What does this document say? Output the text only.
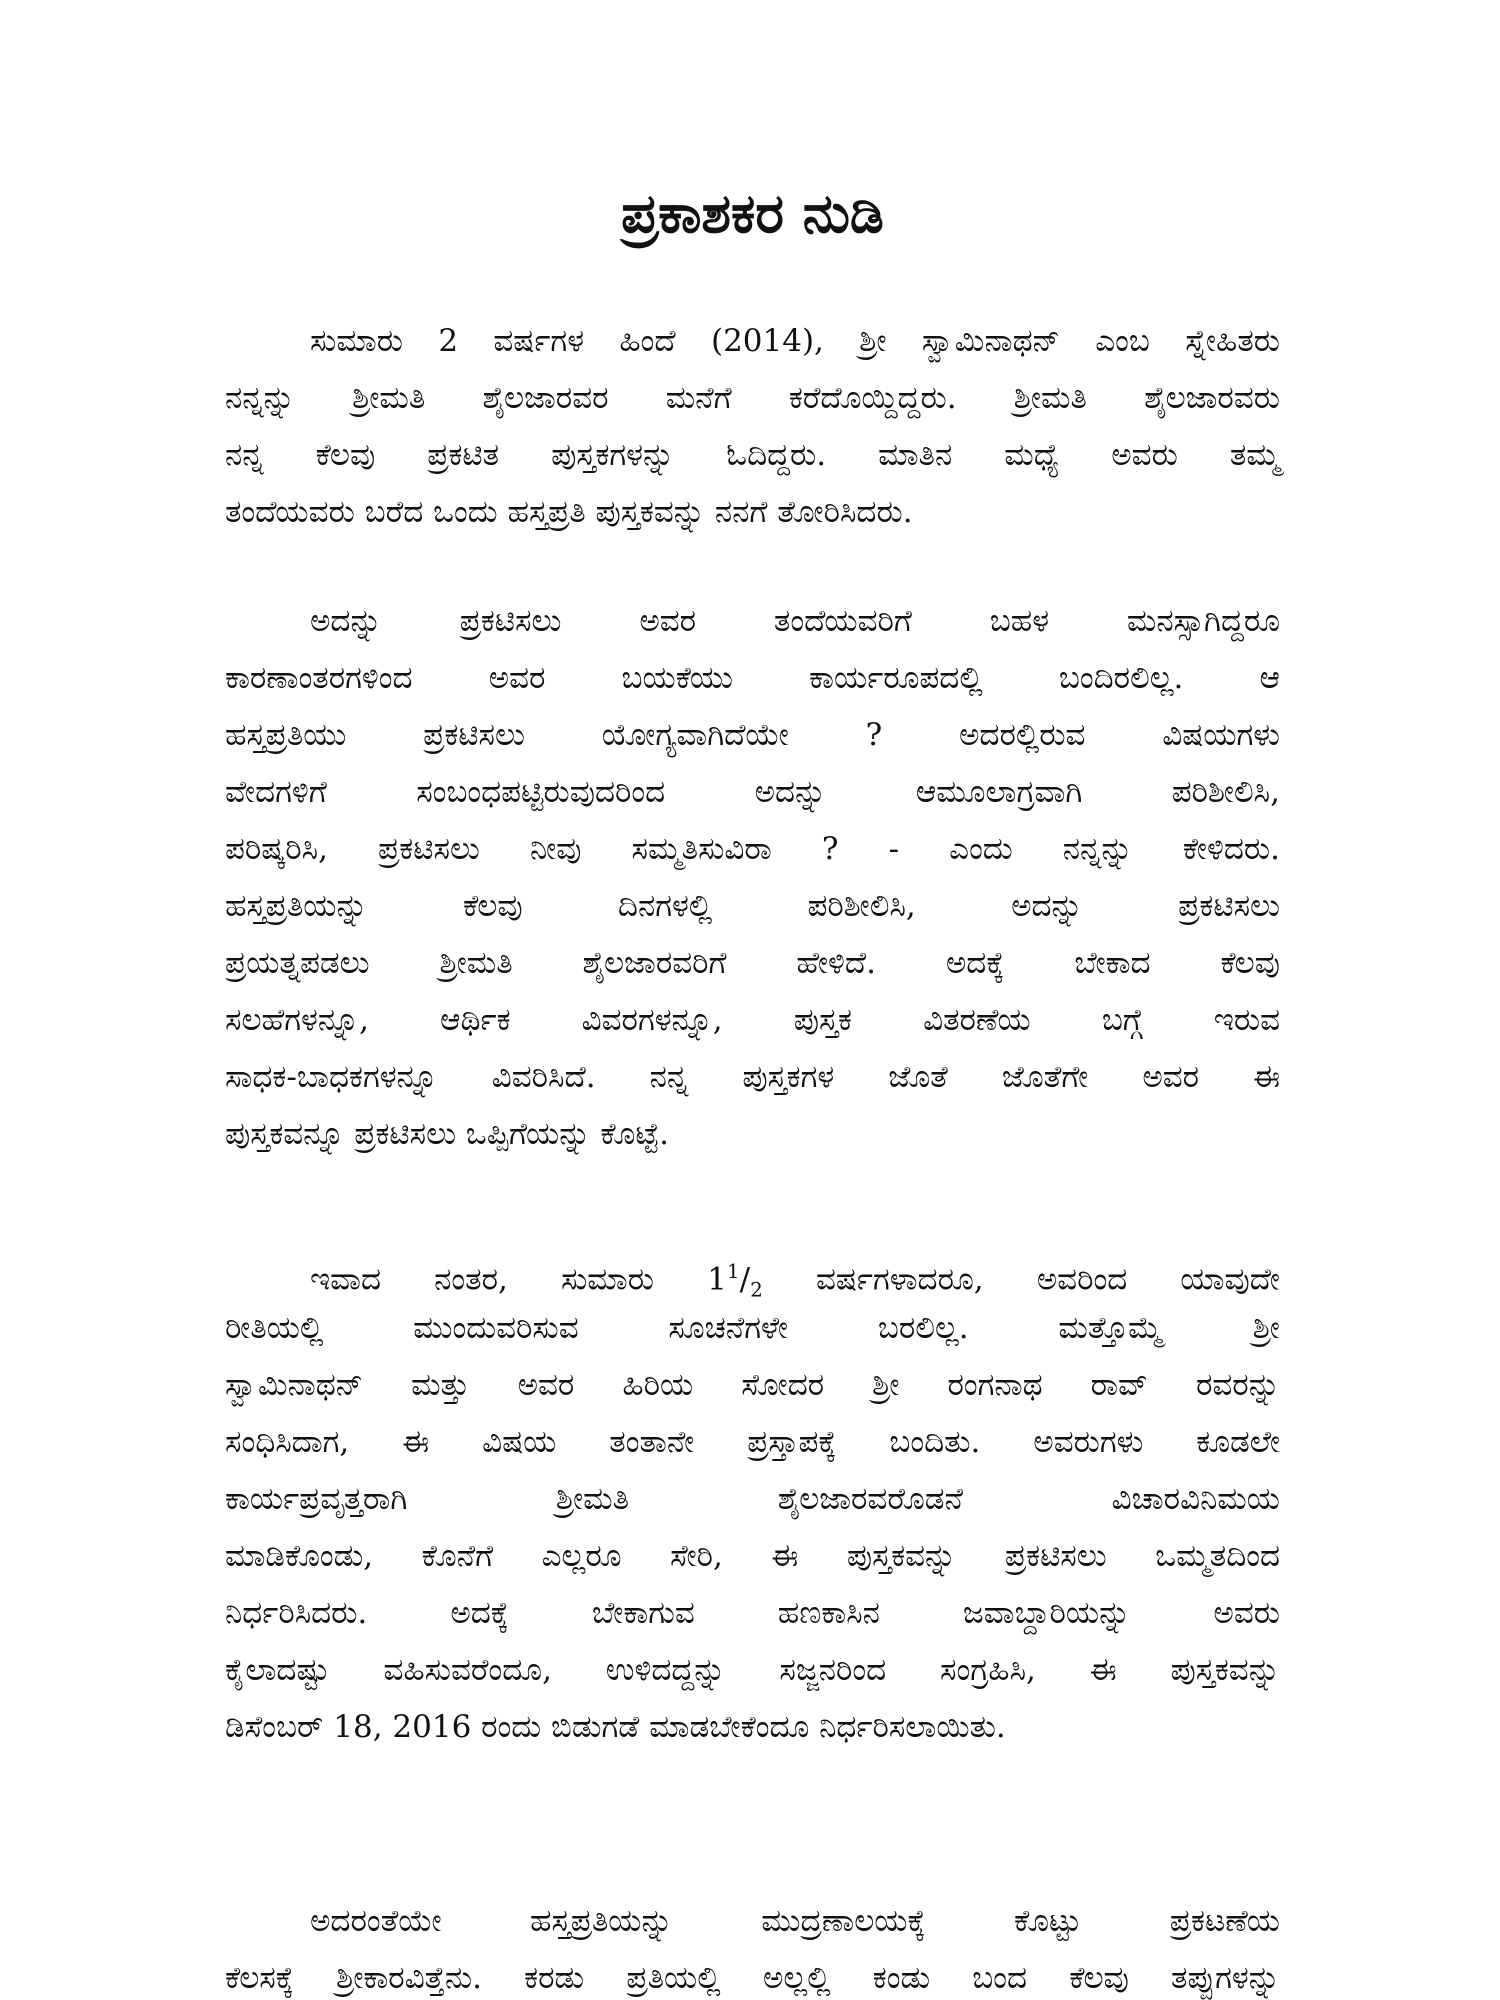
ಪ್ರಕಾಶಕರ ನುಡಿ
ಸುಮಾರು 2 ವರ್ಷಗಳ ಹಿಂದೆ (2014), ಶ್ರೀ ಸ್ವಾಮಿನಾಥನ್ ಎಂಬ ಸ್ನೇಹಿತರು
ನನ್ನನ್ನು ಶ್ರೀಮತಿ ಶೈಲಜಾರವರ ಮನೆಗೆ ಕರೆದೊಯ್ದಿದ್ದರು. ಶ್ರೀಮತಿ ಶೈಲಜಾರವರು
ನನ್ನ ಕೆಲವು ಪ್ರಕಟಿತ ಪುಸ್ತಕಗಳನ್ನು ಓದಿದ್ದರು. ಮಾತಿನ ಮಧ್ಯೆ ಅವರು ತಮ್ಮ
ತಂದೆಯವರು ಬರೆದ ಒಂದು ಹಸ್ತಪ್ರತಿ ಪುಸ್ತಕವನ್ನು ನನಗೆ ತೋರಿಸಿದರು.
ಅದನ್ನು ಪ್ರಕಟಿಸಲು ಅವರ ತಂದೆಯವರಿಗೆ ಬಹಳ ಮನಸ್ಸಾಗಿದ್ದರೂ
ಕಾರಣಾಂತರಗಳಿಂದ ಅವರ ಬಯಕೆಯು ಕಾರ್ಯರೂಪದಲ್ಲಿ ಬಂದಿರಲಿಲ್ಲ. ಆ
ಹಸ್ತಪ್ರತಿಯು ಪ್ರಕಟಿಸಲು ಯೋಗ್ಯವಾಗಿದೆಯೇ ? ಅದರಲ್ಲಿರುವ ವಿಷಯಗಳು
ವೇದಗಳಿಗೆ ಸಂಬಂಧಪಟ್ಟಿರುವುದರಿಂದ ಅದನ್ನು ಆಮೂಲಾಗ್ರವಾಗಿ ಪರಿಶೀಲಿಸಿ,
ಪರಿಷ್ಕರಿಸಿ, ಪ್ರಕಟಿಸಲು ನೀವು ಸಮ್ಮತಿಸುವಿರಾ ? - ಎಂದು ನನ್ನನ್ನು ಕೇಳಿದರು.
ಹಸ್ತಪ್ರತಿಯನ್ನು ಕೆಲವು ದಿನಗಳಲ್ಲಿ ಪರಿಶೀಲಿಸಿ, ಅದನ್ನು ಪ್ರಕಟಿಸಲು
ಪ್ರಯತ್ನಪಡಲು ಶ್ರೀಮತಿ ಶೈಲಜಾರವರಿಗೆ ಹೇಳಿದೆ. ಅದಕ್ಕೆ ಬೇಕಾದ ಕೆಲವು
ಸಲಹೆಗಳನ್ನೂ, ಆರ್ಥಿಕ ವಿವರಗಳನ್ನೂ, ಪುಸ್ತಕ ವಿತರಣೆಯ ಬಗ್ಗೆ ಇರುವ
ಸಾಧಕ-ಬಾಧಕಗಳನ್ನೂ ವಿವರಿಸಿದೆ. ನನ್ನ ಪುಸ್ತಕಗಳ ಜೊತೆ ಜೊತೆಗೇ ಅವರ ಈ
ಪುಸ್ತಕವನ್ನೂ ಪ್ರಕಟಿಸಲು ಒಪ್ಪಿಗೆಯನ್ನು ಕೊಟ್ಟೆ.
ಇವಾದ ನಂತರ, ಸುಮಾರು $1^1/_2$ ವರ್ಷಗಳಾದರೂ, ಅವರಿಂದ ಯಾವುದೇ
ರೀತಿಯಲ್ಲಿ ಮುಂದುವರಿಸುವ ಸೂಚನೆಗಳೇ ಬರಲಿಲ್ಲ. ಮತ್ತೊಮ್ಮೆ ಶ್ರೀ
ಸ್ವಾಮಿನಾಥನ್ ಮತ್ತು ಅವರ ಹಿರಿಯ ಸೋದರ ಶ್ರೀ ರಂಗನಾಥ ರಾವ್ ರವರನ್ನು
ಸಂಧಿಸಿದಾಗ, ಈ ವಿಷಯ ತಂತಾನೇ ಪ್ರಸ್ತಾಪಕ್ಕೆ ಬಂದಿತು. ಅವರುಗಳು ಕೂಡಲೇ
ಕಾರ್ಯಪ್ರವೃತ್ತರಾಗಿ ಶ್ರೀಮತಿ ಶೈಲಜಾರವರೊಡನೆ ವಿಚಾರವಿನಿಮಯ
ಮಾಡಿಕೊಂಡು, ಕೊನೆಗೆ ಎಲ್ಲರೂ ಸೇರಿ, ಈ ಪುಸ್ತಕವನ್ನು ಪ್ರಕಟಿಸಲು ಒಮ್ಮತದಿಂದ
ನಿರ್ಧರಿಸಿದರು. ಅದಕ್ಕೆ ಬೇಕಾಗುವ ಹಣಕಾಸಿನ ಜವಾಬ್ದಾರಿಯನ್ನು ಅವರು
ಕೈಲಾದಷ್ಟು ವಹಿಸುವರೆಂದೂ, ಉಳಿದದ್ದನ್ನು ಸಜ್ಜನರಿಂದ ಸಂಗ್ರಹಿಸಿ, ಈ ಪುಸ್ತಕವನ್ನು
ಡಿಸೆಂಬರ್ 18, 2016 ರಂದು ಬಿಡುಗಡೆ ಮಾಡಬೇಕೆಂದೂ ನಿರ್ಧರಿಸಲಾಯಿತು.
ಅದರಂತೆಯೇ ಹಸ್ತಪ್ರತಿಯನ್ನು ಮುದ್ರಣಾಲಯಕ್ಕೆ ಕೊಟ್ಟು ಪ್ರಕಟಣೆಯ
ಕೆಲಸಕ್ಕೆ ಶ್ರೀಕಾರವಿತ್ತೆನು. ಕರಡು ಪ್ರತಿಯಲ್ಲಿ ಅಲ್ಲಲ್ಲಿ ಕಂಡು ಬಂದ ಕೆಲವು ತಪ್ಪುಗಳನ್ನು
